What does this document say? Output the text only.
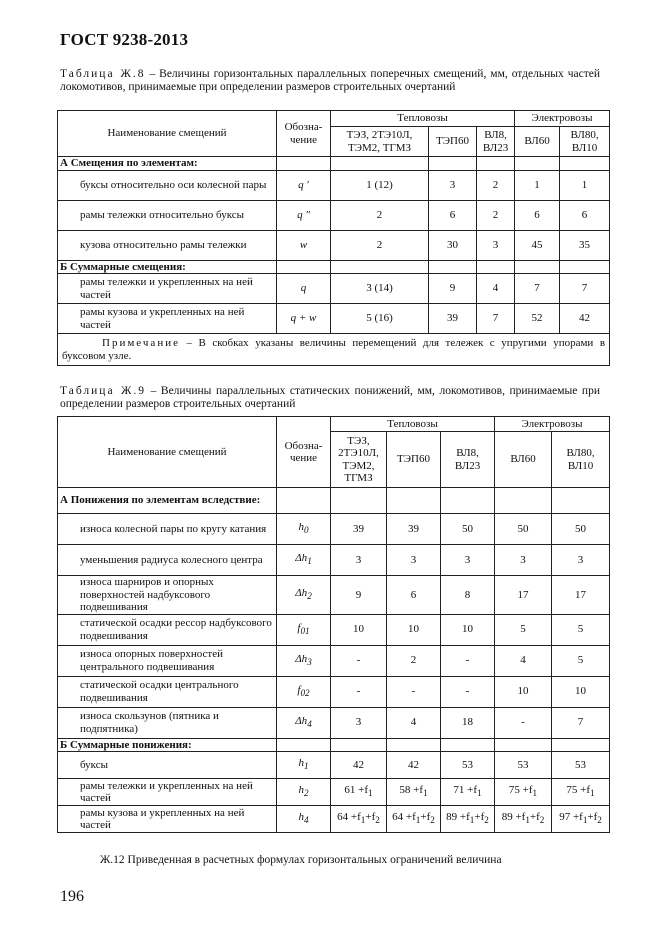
ГОСТ 9238-2013
Таблица Ж.8 – Величины горизонтальных параллельных поперечных смещений, мм, отдельных частей локомотивов, принимаемые при определении размеров строительных очертаний
Наименование смещений	Обозна-чение	Тепловозы			Электровозы	
		ТЭЗ, 2ТЭ10Л, ТЭМ2, ТГМЗ	ТЭП60	ВЛ8, ВЛ23	ВЛ60	ВЛ80, ВЛ10
А Смещения по элементам:						
буксы относительно оси колесной пары	q ′	1 (12)	3	2	1	1
рамы тележки относительно буксы	q ″	2	6	2	6	6
кузова относительно рамы тележки	w	2	30	3	45	35
Б Суммарные смещения:						
рамы тележки и укрепленных на ней частей	q	3 (14)	9	4	7	7
рамы кузова и укрепленных на ней частей	q + w	5 (16)	39	7	52	42
Примечание – В скобках указаны величины перемещений для тележек с упругими упорами в буксовом узле.						
Таблица Ж.9 – Величины параллельных статических понижений, мм, локомотивов, принимаемые при определении размеров строительных очертаний
Наименование смещений	Обозна-чение	Тепловозы			Электровозы	
		ТЭЗ, 2ТЭ10Л, ТЭМ2, ТГМЗ	ТЭП60	ВЛ8, ВЛ23	ВЛ60	ВЛ80, ВЛ10
А Понижения по элементам вследствие:						
износа колесной пары по кругу катания	$h_0$	39	39	50	50	50
уменьшения радиуса колесного центра	$\Delta h_1$	3	3	3	3	3
износа шарниров и опорных поверхностей надбуксового подвешивания	$\Delta h_2$	9	6	8	17	17
статической осадки рессор надбуксового подвешивания	$f_{01}$	10	10	10	5	5
износа опорных поверхностей центрального подвешивания	$\Delta h_3$	-	2	-	4	5
статической осадки центрального подвешивания	$f_{02}$	-	-	-	10	10
износа скользунов (пятника и подпятника)	$\Delta h_4$	3	4	18	-	7
Б Суммарные понижения:						
буксы	$h_1$	42	42	53	53	53
рамы тележки и укрепленных на ней частей	$h_2$	$61 +f_1$	$58 +f_1$	$71 +f_1$	$75 +f_1$	$75 +f_1$
рамы кузова и укрепленных на ней частей	$h_4$	$64 +f_1+f_2$	$64 +f_1+f_2$	$89 +f_1+f_2$	$89 +f_1+f_2$	$97 +f_1+f_2$
Ж.12 Приведенная в расчетных формулах горизонтальных ограничений величина
196
